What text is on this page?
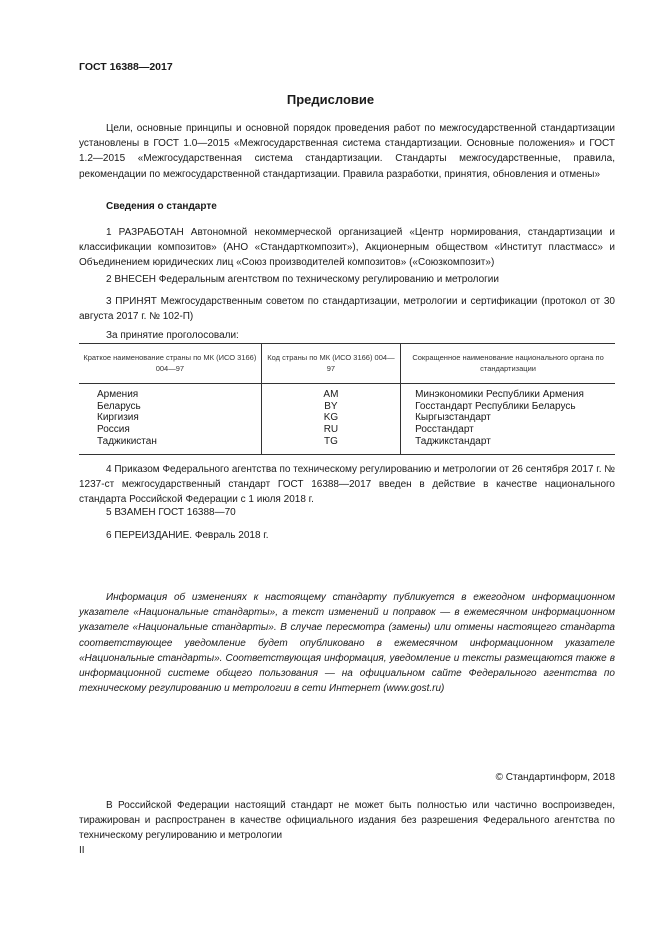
ГОСТ 16388—2017
Предисловие

Цели, основные принципы и основной порядок проведения работ по межгосударственной стандартизации установлены в ГОСТ 1.0—2015 «Межгосударственная система стандартизации. Основные положения» и ГОСТ 1.2—2015 «Межгосударственная система стандартизации. Стандарты межгосударственные, правила, рекомендации по межгосударственной стандартизации. Правила разработки, принятия, обновления и отмены»

Сведения о стандарте

1 РАЗРАБОТАН Автономной некоммерческой организацией «Центр нормирования, стандартизации и классификации композитов» (АНО «Стандарткомпозит»), Акционерным обществом «Институт пластмасс» и Объединением юридических лиц «Союз производителей композитов» («Союзкомпозит»)

2 ВНЕСЕН Федеральным агентством по техническому регулированию и метрологии

3 ПРИНЯТ Межгосударственным советом по стандартизации, метрологии и сертификации (протокол от 30 августа 2017 г. № 102-П)

За принятие проголосовали:

Краткое наименование страны по МК (ИСО 3166) 004—97	Код страны по МК (ИСО 3166) 004—97	Сокращенное наименование национального органа по стандартизации
Армения	AM	Минэкономики Республики Армения
Беларусь	BY	Госстандарт Республики Беларусь
Киргизия	KG	Кыргызстандарт
Россия	RU	Росстандарт
Таджикистан	TG	Таджикстандарт

4 Приказом Федерального агентства по техническому регулированию и метрологии от 26 сентября 2017 г. № 1237-ст межгосударственный стандарт ГОСТ 16388—2017 введен в действие в качестве национального стандарта Российской Федерации с 1 июля 2018 г.

5 ВЗАМЕН ГОСТ 16388—70

6 ПЕРЕИЗДАНИЕ. Февраль 2018 г.

Информация об изменениях к настоящему стандарту публикуется в ежегодном информационном указателе «Национальные стандарты», а текст изменений и поправок — в ежемесячном информационном указателе «Национальные стандарты». В случае пересмотра (замены) или отмены настоящего стандарта соответствующее уведомление будет опубликовано в ежемесячном информационном указателе «Национальные стандарты». Соответствующая информация, уведомление и тексты размещаются также в информационной системе общего пользования — на официальном сайте Федерального агентства по техническому регулированию и метрологии в сети Интернет (www.gost.ru)

© Стандартинформ, 2018

В Российской Федерации настоящий стандарт не может быть полностью или частично воспроизведен, тиражирован и распространен в качестве официального издания без разрешения Федерального агентства по техническому регулированию и метрологии

II
